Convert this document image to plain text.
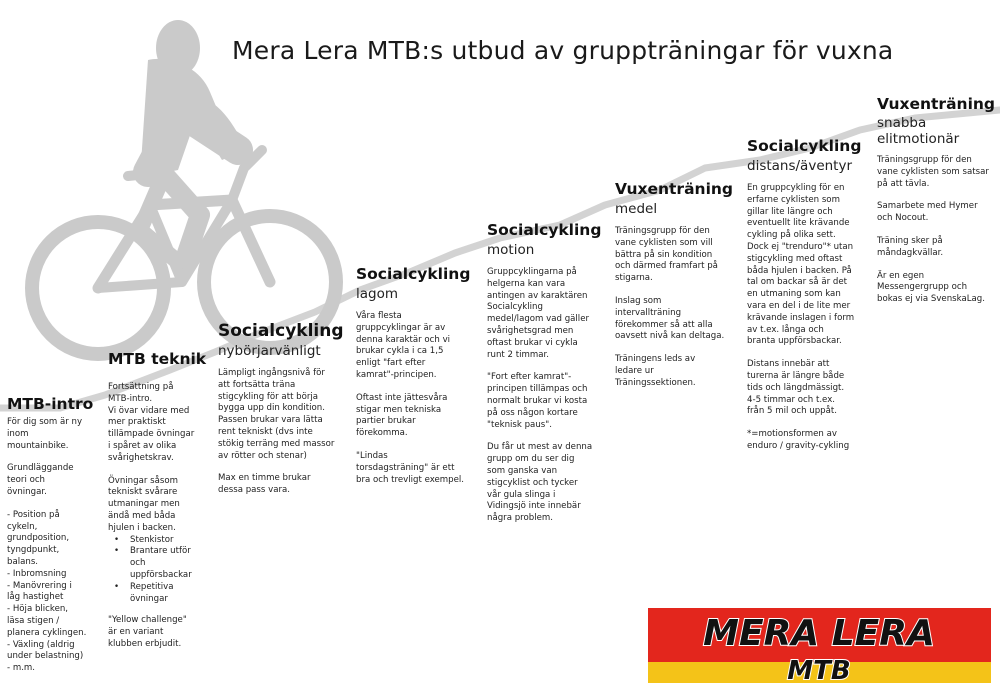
Mera Lera MTB:s utbud av gruppträningar för vuxna
MTB-intro

För dig som är ny
inom
mountainbike.

Grundläggande
teori och
övningar.

- Position på
cykeln,
grundposition,
tyngdpunkt,
balans.
- Inbromsning
- Manövrering i
låg hastighet
- Höja blicken,
läsa stigen /
planera cyklingen.
- Växling (aldrig
under belastning)
- m.m.
MTB teknik

Fortsättning på
MTB-intro.
Vi övar vidare med
mer praktiskt
tillämpade övningar
i spåret av olika
svårighetskrav.

Övningar såsom
tekniskt svårare
utmaningar men
ändå med båda
hjulen i backen.

• Stenkistor
• Brantare utför
och
uppförsbackar
• Repetitiva
övningar

"Yellow challenge"
är en variant
klubben erbjudit.

Socialcykling
nybörjarvänligt

Lämpligt ingångsnivå för
att fortsätta träna
stigcykling för att börja
bygga upp din kondition.
Passen brukar vara lätta
rent tekniskt (dvs inte
stökig terräng med massor
av rötter och stenar)

Max en timme brukar
dessa pass vara.

Socialcykling
lagom

Våra flesta
gruppcyklingar är av
denna karaktär och vi
brukar cykla i ca 1,5
enligt "fart efter
kamrat"-principen.

Oftast inte jättesvåra
stigar men tekniska
partier brukar
förekomma.

"Lindas
torsdagsträning" är ett
bra och trevligt exempel.

Socialcykling
motion

Gruppcyklingarna på
helgerna kan vara
antingen av karaktären
Socialcykling
medel/lagom vad gäller
svårighetsgrad men
oftast brukar vi cykla
runt 2 timmar.

"Fort efter kamrat"-
principen tillämpas och
normalt brukar vi kosta
på oss någon kortare
"teknisk paus".

Du får ut mest av denna
grupp om du ser dig
som ganska van
stigcyklist och tycker
vår gula slinga i
Vidingsjö inte innebär
några problem.

Vuxenträning
medel

Träningsgrupp för den
vane cyklisten som vill
bättra på sin kondition
och därmed framfart på
stigarna.

Inslag som
intervallträning
förekommer så att alla
oavsett nivå kan deltaga.

Träningens leds av
ledare ur
Träningssektionen.

Socialcykling
distans/äventyr

En gruppcykling för en
erfarne cyklisten som
gillar lite längre och
eventuellt lite krävande
cykling på olika sett.
Dock ej "trenduro"* utan
stigcykling med oftast
båda hjulen i backen. På
tal om backar så är det
en utmaning som kan
vara en del i de lite mer
krävande inslagen i form
av t.ex. långa och
branta uppförsbackar.

Distans innebär att
turerna är längre både
tids och längdmässigt.
4-5 timmar och t.ex.
från 5 mil och uppåt.

*=motionsformen av
enduro / gravity-cykling

Vuxenträning
snabba
elitmotionär

Träningsgrupp för den
vane cyklisten som satsar
på att tävla.

Samarbete med Hymer
och Nocout.

Träning sker på
måndagkvällar.

Är en egen
Messengergrupp och
bokas ej via SvenskaLag.

MERA LERA
MTB
